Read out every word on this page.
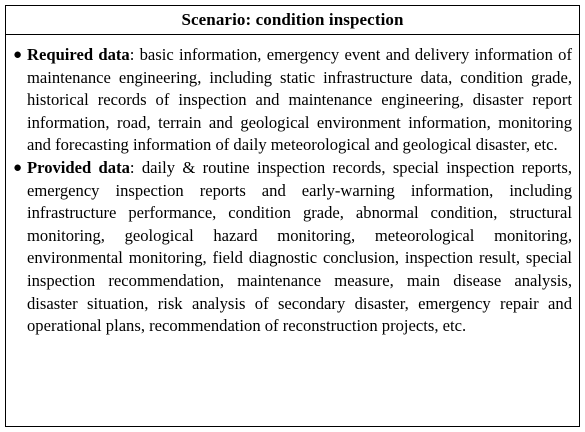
Scenario: condition inspection
● Required data: basic information, emergency event and delivery information of maintenance engineering, including static infrastructure data, condition grade, historical records of inspection and maintenance engineering, disaster report information, road, terrain and geological environment information, monitoring and forecasting information of daily meteorological and geological disaster, etc.
● Provided data: daily & routine inspection records, special inspection reports, emergency inspection reports and early-warning information, including infrastructure performance, condition grade, abnormal condition, structural monitoring, geological hazard monitoring, meteorological monitoring, environmental monitoring, field diagnostic conclusion, inspection result, special inspection recommendation, maintenance measure, main disease analysis, disaster situation, risk analysis of secondary disaster, emergency repair and operational plans, recommendation of reconstruction projects, etc.
